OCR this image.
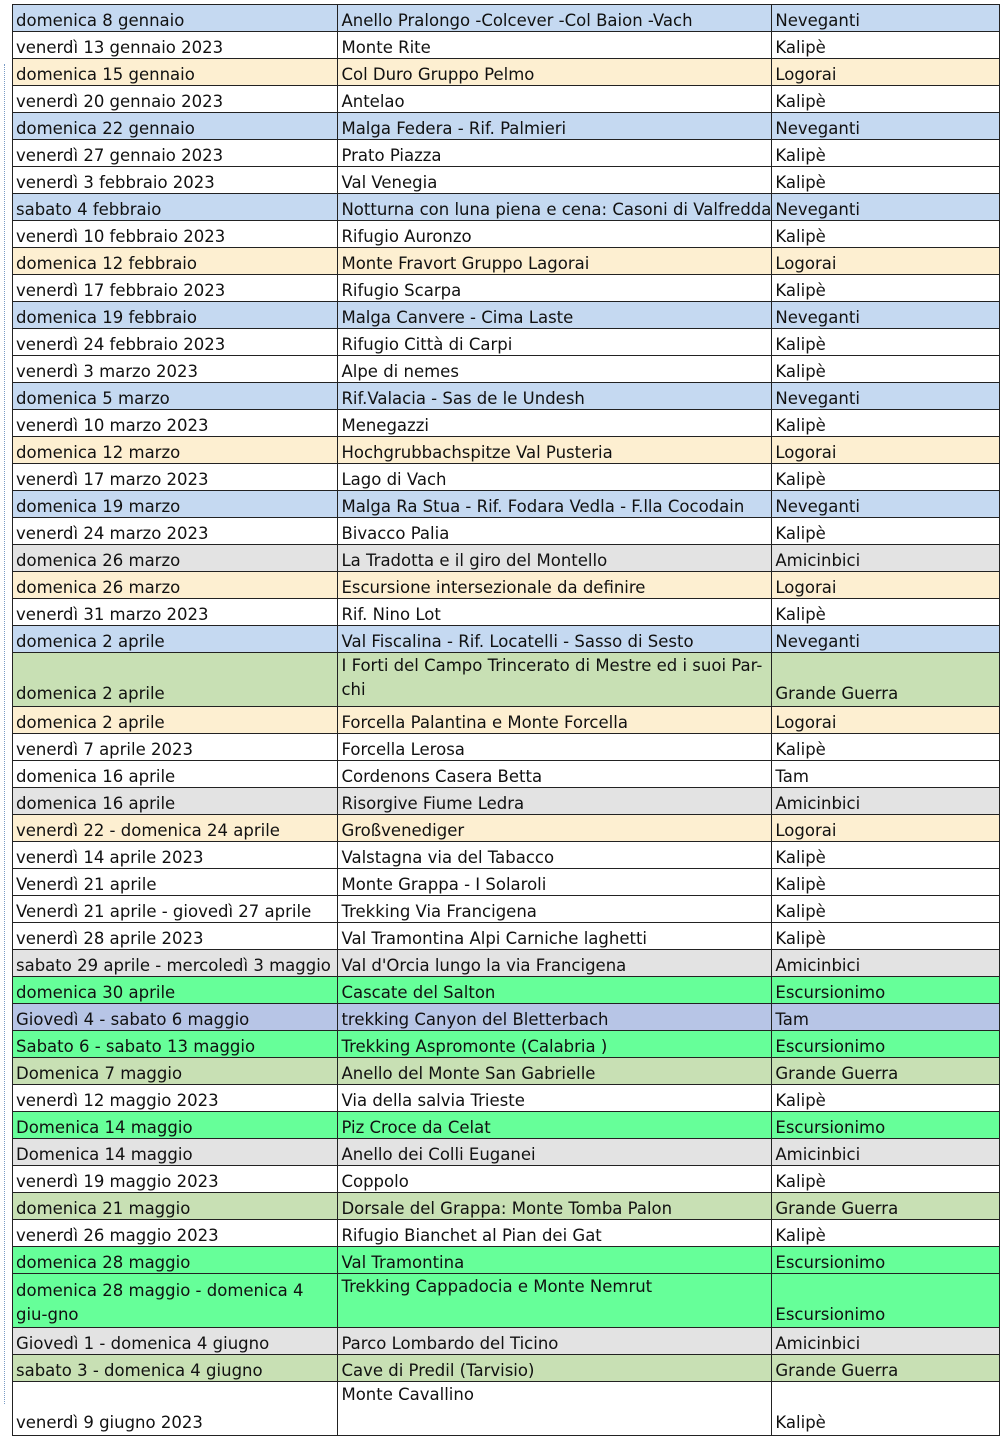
domenica 8 gennaio	Anello Pralongo -Colcever -Col Baion -Vach	Neveganti
venerdì 13 gennaio 2023	Monte Rite	Kalipè
domenica 15 gennaio	Col Duro Gruppo Pelmo	Logorai
venerdì 20 gennaio 2023	Antelao	Kalipè
domenica 22 gennaio	Malga Federa - Rif. Palmieri	Neveganti
venerdì 27 gennaio 2023	Prato Piazza	Kalipè
venerdì 3 febbraio 2023	Val Venegia	Kalipè
sabato 4 febbraio	Notturna con luna piena e cena: Casoni di Valfredda	Neveganti
venerdì 10 febbraio 2023	Rifugio Auronzo	Kalipè
domenica 12 febbraio	Monte Fravort Gruppo Lagorai	Logorai
venerdì 17 febbraio 2023	Rifugio Scarpa	Kalipè
domenica 19 febbraio	Malga Canvere - Cima Laste	Neveganti
venerdì 24 febbraio 2023	Rifugio Città di Carpi	Kalipè
venerdì 3 marzo 2023	Alpe di nemes	Kalipè
domenica 5 marzo	Rif.Valacia - Sas de le Undesh	Neveganti
venerdì 10 marzo 2023	Menegazzi	Kalipè
domenica 12 marzo	Hochgrubbachspitze Val Pusteria	Logorai
venerdì 17 marzo 2023	Lago di Vach	Kalipè
domenica 19 marzo	Malga Ra Stua - Rif. Fodara Vedla - F.lla Cocodain	Neveganti
venerdì 24 marzo 2023	Bivacco Palia	Kalipè
domenica 26 marzo	La Tradotta e il giro del Montello	Amicinbici
domenica 26 marzo	Escursione intersezionale da definire	Logorai
venerdì 31 marzo 2023	Rif. Nino Lot	Kalipè
domenica 2 aprile	Val Fiscalina - Rif. Locatelli - Sasso di Sesto	Neveganti
domenica 2 aprile	I Forti del Campo Trincerato di Mestre ed i suoi Par-chi	Grande Guerra
domenica 2 aprile	Forcella Palantina e Monte Forcella	Logorai
venerdì 7 aprile 2023	Forcella Lerosa	Kalipè
domenica 16 aprile	Cordenons Casera Betta	Tam
domenica 16 aprile	Risorgive Fiume Ledra	Amicinbici
venerdì 22 - domenica 24 aprile	Großvenediger	Logorai
venerdì 14 aprile 2023	Valstagna via del Tabacco	Kalipè
Venerdì 21 aprile	Monte Grappa - I Solaroli	Kalipè
Venerdì 21 aprile - giovedì 27 aprile	Trekking Via Francigena	Kalipè
venerdì 28 aprile 2023	Val Tramontina Alpi Carniche laghetti	Kalipè
sabato 29 aprile - mercoledì 3 maggio	Val d'Orcia lungo la via Francigena	Amicinbici
domenica 30 aprile	Cascate del Salton	Escursionimo
Giovedì 4 - sabato 6 maggio	trekking Canyon del Bletterbach	Tam
Sabato 6 - sabato 13 maggio	Trekking Aspromonte (Calabria )	Escursionimo
Domenica 7 maggio	Anello del Monte San Gabrielle	Grande Guerra
venerdì 12 maggio 2023	Via della salvia Trieste	Kalipè
Domenica 14 maggio	Piz Croce da Celat	Escursionimo
Domenica 14 maggio	Anello dei Colli Euganei	Amicinbici
venerdì 19 maggio 2023	Coppolo	Kalipè
domenica 21 maggio	Dorsale del Grappa: Monte Tomba Palon	Grande Guerra
venerdì 26 maggio 2023	Rifugio Bianchet al Pian dei Gat	Kalipè
domenica 28 maggio	Val Tramontina	Escursionimo
domenica 28 maggio - domenica 4 giu-gno	Trekking Cappadocia e Monte Nemrut	Escursionimo
Giovedì 1 - domenica 4 giugno	Parco Lombardo del Ticino	Amicinbici
sabato 3 - domenica 4 giugno	Cave di Predil (Tarvisio)	Grande Guerra
venerdì 9 giugno 2023	Monte Cavallino	Kalipè
